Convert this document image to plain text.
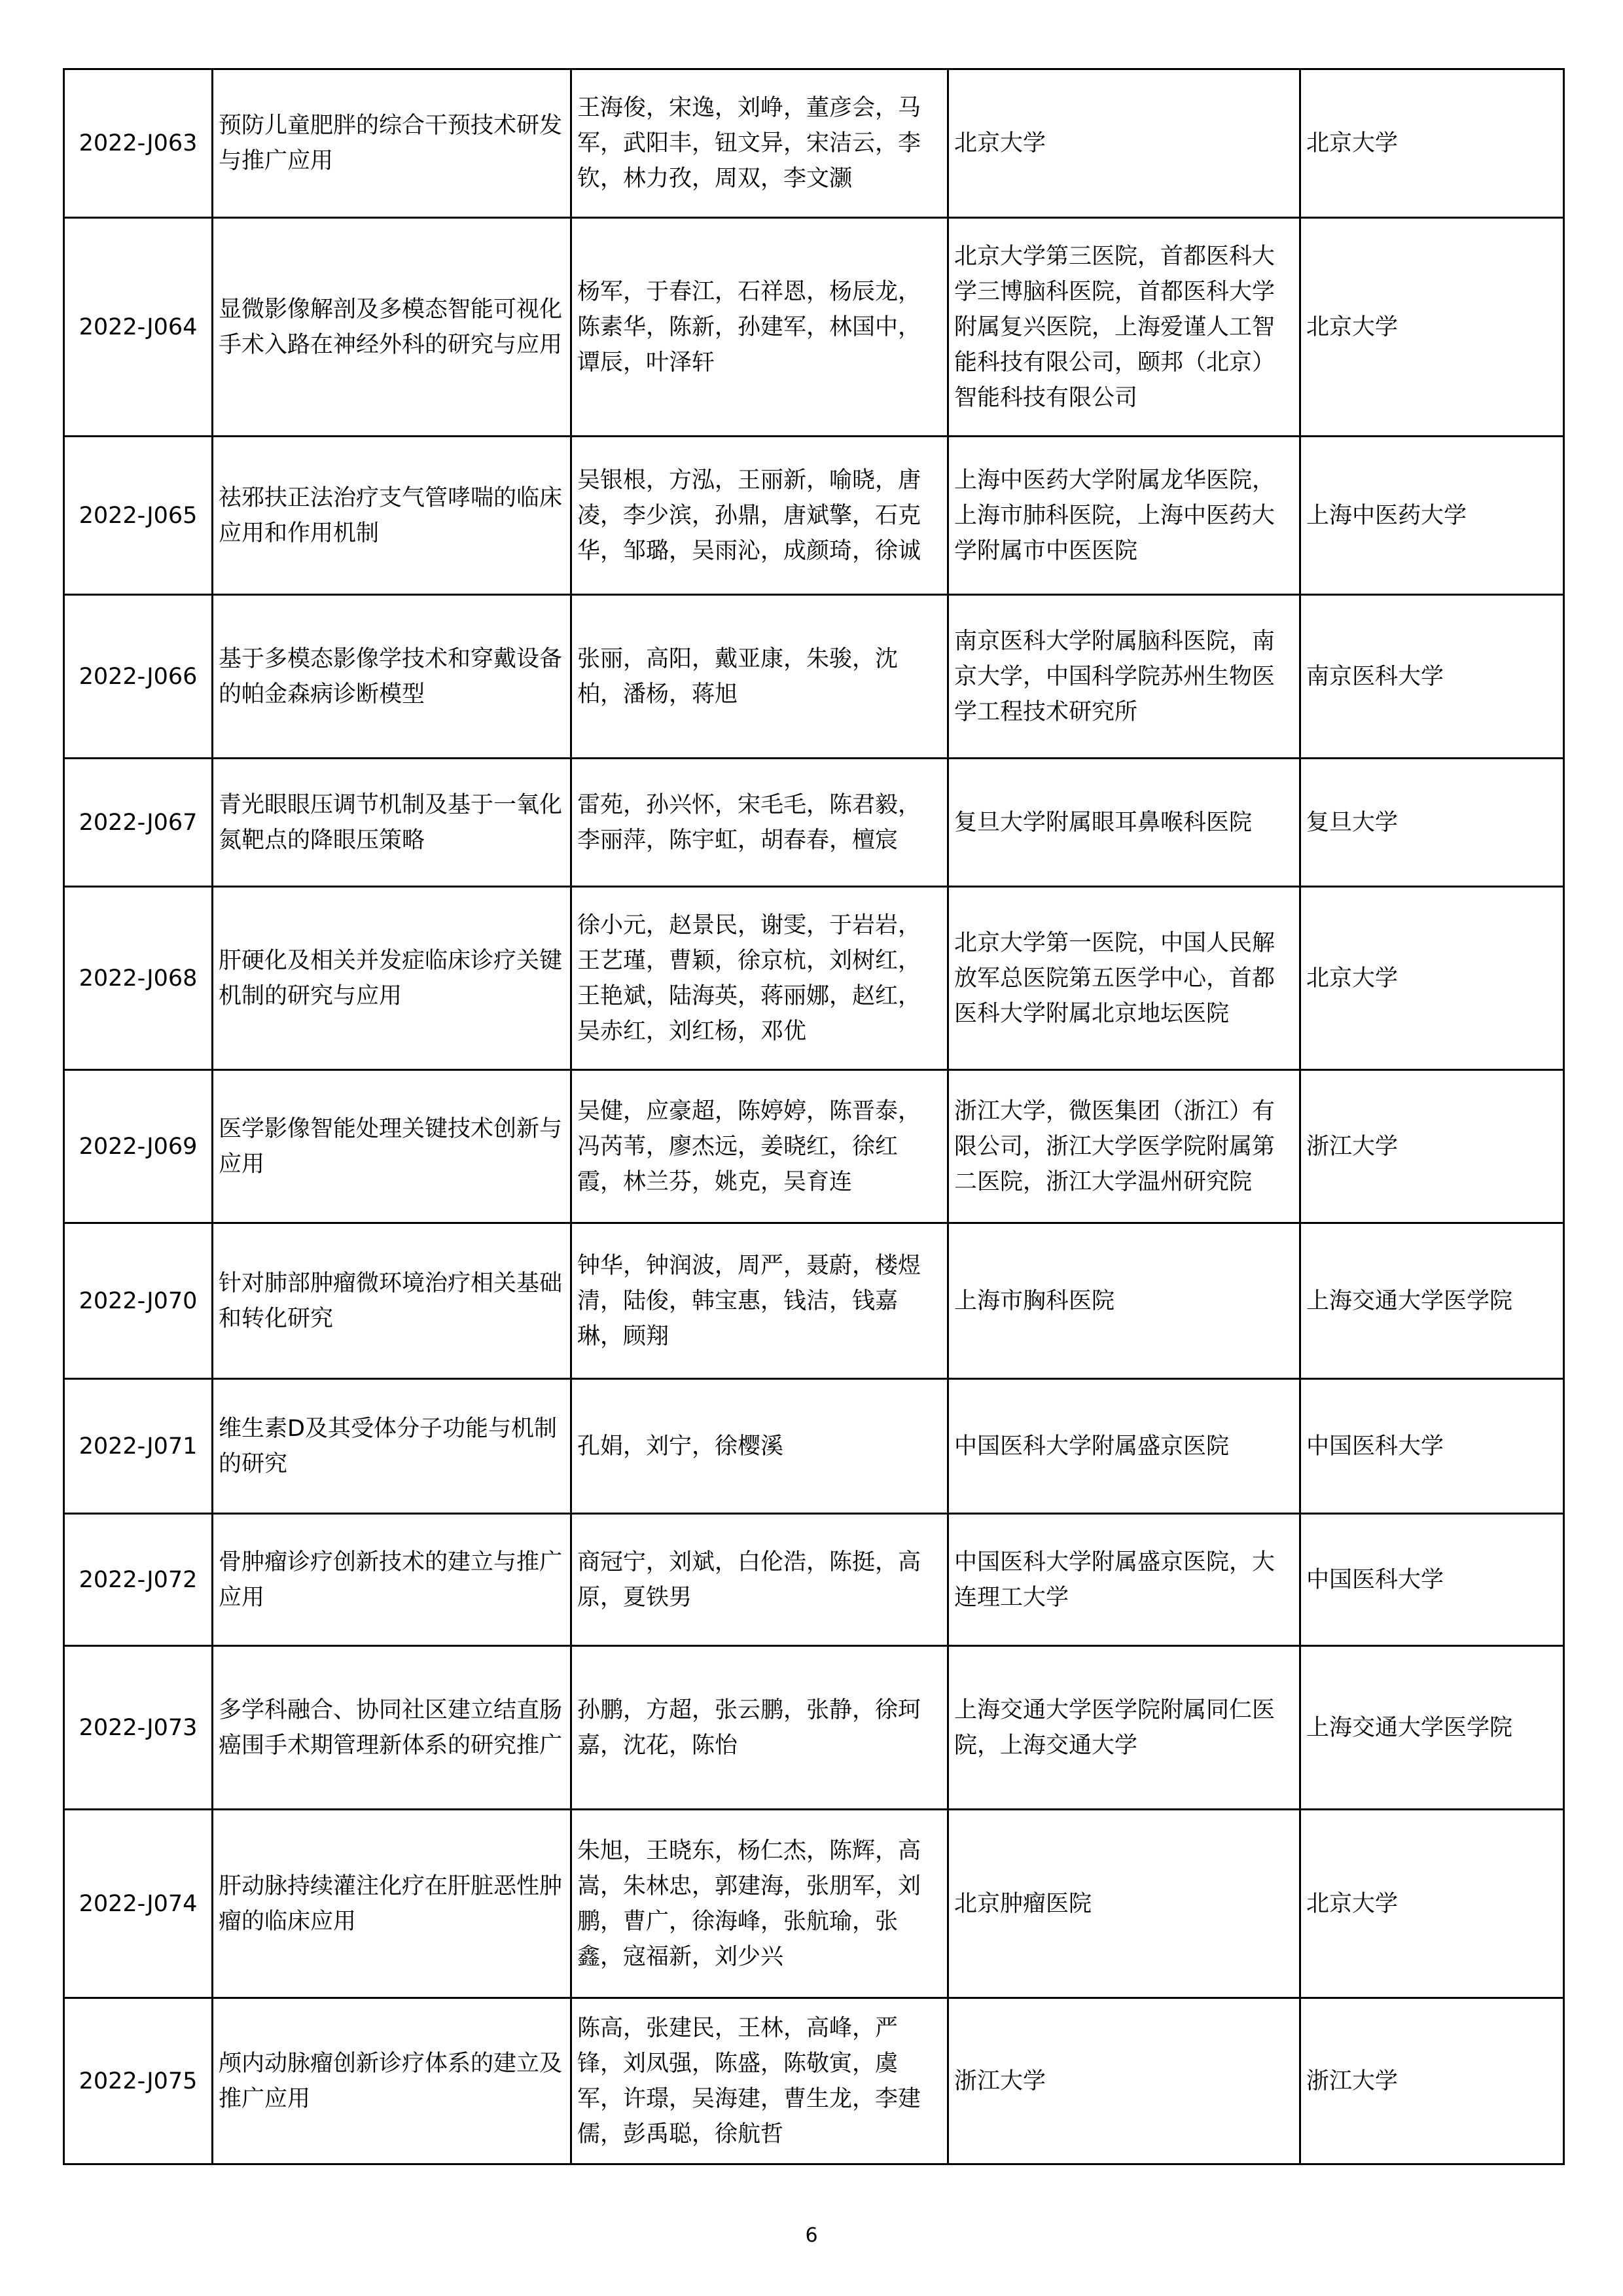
2022-J063	预防儿童肥胖的综合干预技术研发与推广应用	王海俊，宋逸，刘峥，董彦会，马军，武阳丰，钮文异，宋洁云，李钦，林力孜，周双，李文灏	北京大学	北京大学
2022-J064	显微影像解剖及多模态智能可视化手术入路在神经外科的研究与应用	杨军，于春江，石祥恩，杨辰龙，陈素华，陈新，孙建军，林国中，谭辰，叶泽轩	北京大学第三医院，首都医科大学三博脑科医院，首都医科大学附属复兴医院，上海爱谨人工智能科技有限公司，颐邦（北京）智能科技有限公司	北京大学
2022-J065	祛邪扶正法治疗支气管哮喘的临床应用和作用机制	吴银根，方泓，王丽新，喻晓，唐凌，李少滨，孙鼎，唐斌擎，石克华，邹璐，吴雨沁，成颜琦，徐诚	上海中医药大学附属龙华医院，上海市肺科医院，上海中医药大学附属市中医医院	上海中医药大学
2022-J066	基于多模态影像学技术和穿戴设备的帕金森病诊断模型	张丽，高阳，戴亚康，朱骏，沈柏，潘杨，蒋旭	南京医科大学附属脑科医院，南京大学，中国科学院苏州生物医学工程技术研究所	南京医科大学
2022-J067	青光眼眼压调节机制及基于一氧化氮靶点的降眼压策略	雷苑，孙兴怀，宋毛毛，陈君毅，李丽萍，陈宇虹，胡春春，檀宸	复旦大学附属眼耳鼻喉科医院	复旦大学
2022-J068	肝硬化及相关并发症临床诊疗关键机制的研究与应用	徐小元，赵景民，谢雯，于岩岩，王艺瑾，曹颖，徐京杭，刘树红，王艳斌，陆海英，蒋丽娜，赵红，吴赤红，刘红杨，邓优	北京大学第一医院，中国人民解放军总医院第五医学中心，首都医科大学附属北京地坛医院	北京大学
2022-J069	医学影像智能处理关键技术创新与应用	吴健，应豪超，陈婷婷，陈晋泰，冯芮苇，廖杰远，姜晓红，徐红霞，林兰芬，姚克，吴育连	浙江大学，微医集团（浙江）有限公司，浙江大学医学院附属第二医院，浙江大学温州研究院	浙江大学
2022-J070	针对肺部肿瘤微环境治疗相关基础和转化研究	钟华，钟润波，周严，聂蔚，楼煜清，陆俊，韩宝惠，钱洁，钱嘉琳，顾翔	上海市胸科医院	上海交通大学医学院
2022-J071	维生素D及其受体分子功能与机制的研究	孔娟，刘宁，徐樱溪	中国医科大学附属盛京医院	中国医科大学
2022-J072	骨肿瘤诊疗创新技术的建立与推广应用	商冠宁，刘斌，白伦浩，陈挺，高原，夏铁男	中国医科大学附属盛京医院，大连理工大学	中国医科大学
2022-J073	多学科融合、协同社区建立结直肠癌围手术期管理新体系的研究推广	孙鹏，方超，张云鹏，张静，徐珂嘉，沈花，陈怡	上海交通大学医学院附属同仁医院，上海交通大学	上海交通大学医学院
2022-J074	肝动脉持续灌注化疗在肝脏恶性肿瘤的临床应用	朱旭，王晓东，杨仁杰，陈辉，高嵩，朱林忠，郭建海，张朋军，刘鹏，曹广，徐海峰，张航瑜，张鑫，寇福新，刘少兴	北京肿瘤医院	北京大学
2022-J075	颅内动脉瘤创新诊疗体系的建立及推广应用	陈高，张建民，王林，高峰，严锋，刘凤强，陈盛，陈敬寅，虞军，许璟，吴海建，曹生龙，李建儒，彭禹聪，徐航哲	浙江大学	浙江大学
6
